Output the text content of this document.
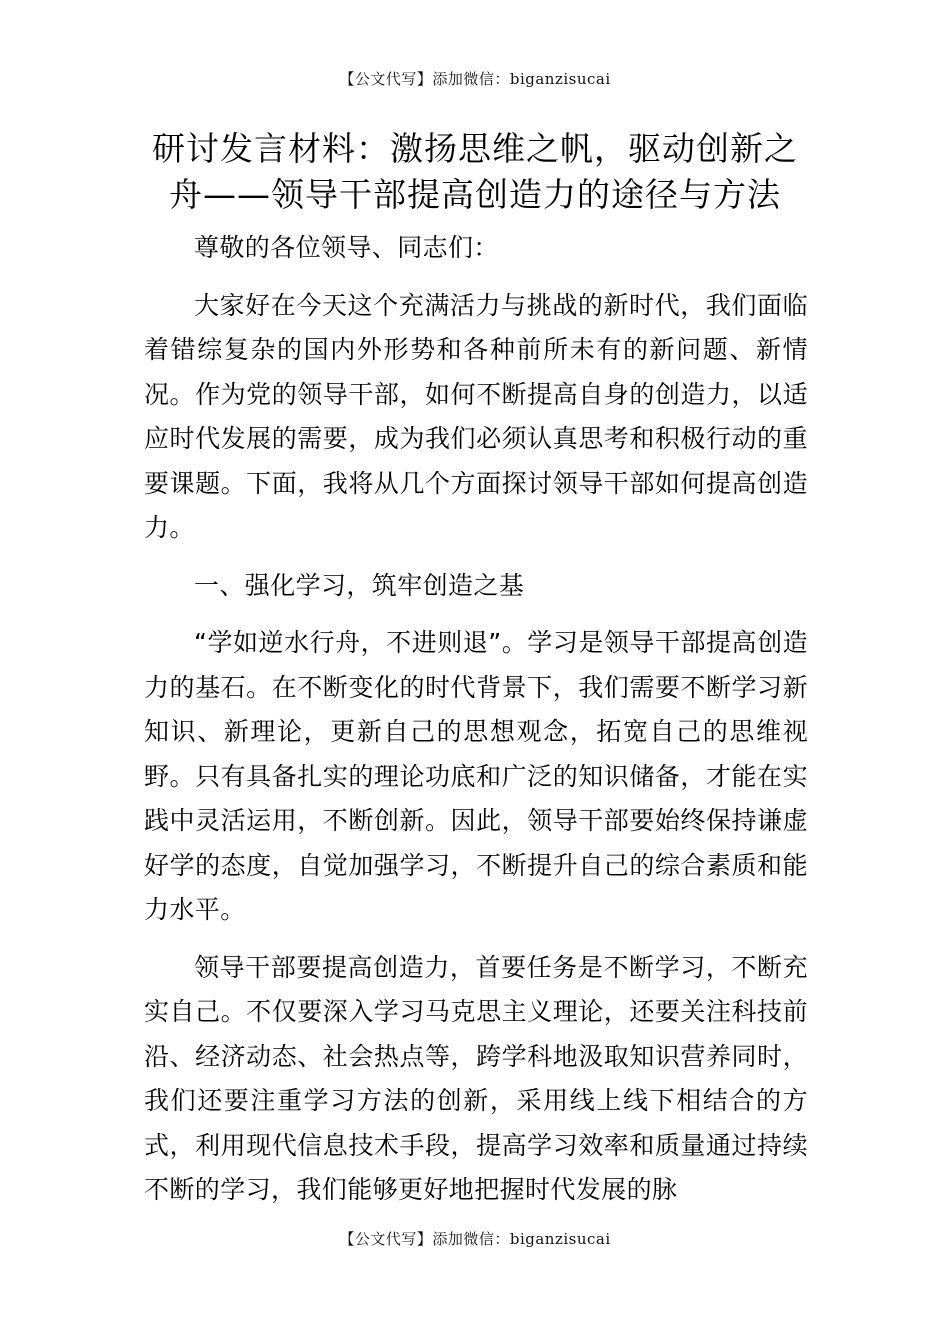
【公文代写】添加微信：biganzisucai
研讨发言材料：激扬思维之帆，驱动创新之
舟——领导干部提高创造力的途径与方法

尊敬的各位领导、同志们：

大家好在今天这个充满活力与挑战的新时代，我们面临着错综复杂的国内外形势和各种前所未有的新问题、新情况。作为党的领导干部，如何不断提高自身的创造力，以适应时代发展的需要，成为我们必须认真思考和积极行动的重要课题。下面，我将从几个方面探讨领导干部如何提高创造力。

一、强化学习，筑牢创造之基

“学如逆水行舟，不进则退”。学习是领导干部提高创造力的基石。在不断变化的时代背景下，我们需要不断学习新知识、新理论，更新自己的思想观念，拓宽自己的思维视野。只有具备扎实的理论功底和广泛的知识储备，才能在实践中灵活运用，不断创新。因此，领导干部要始终保持谦虚好学的态度，自觉加强学习，不断提升自己的综合素质和能力水平。

领导干部要提高创造力，首要任务是不断学习，不断充实自己。不仅要深入学习马克思主义理论，还要关注科技前沿、经济动态、社会热点等，跨学科地汲取知识营养同时，我们还要注重学习方法的创新，采用线上线下相结合的方式，利用现代信息技术手段，提高学习效率和质量通过持续不断的学习，我们能够更好地把握时代发展的脉

【公文代写】添加微信：biganzisucai
